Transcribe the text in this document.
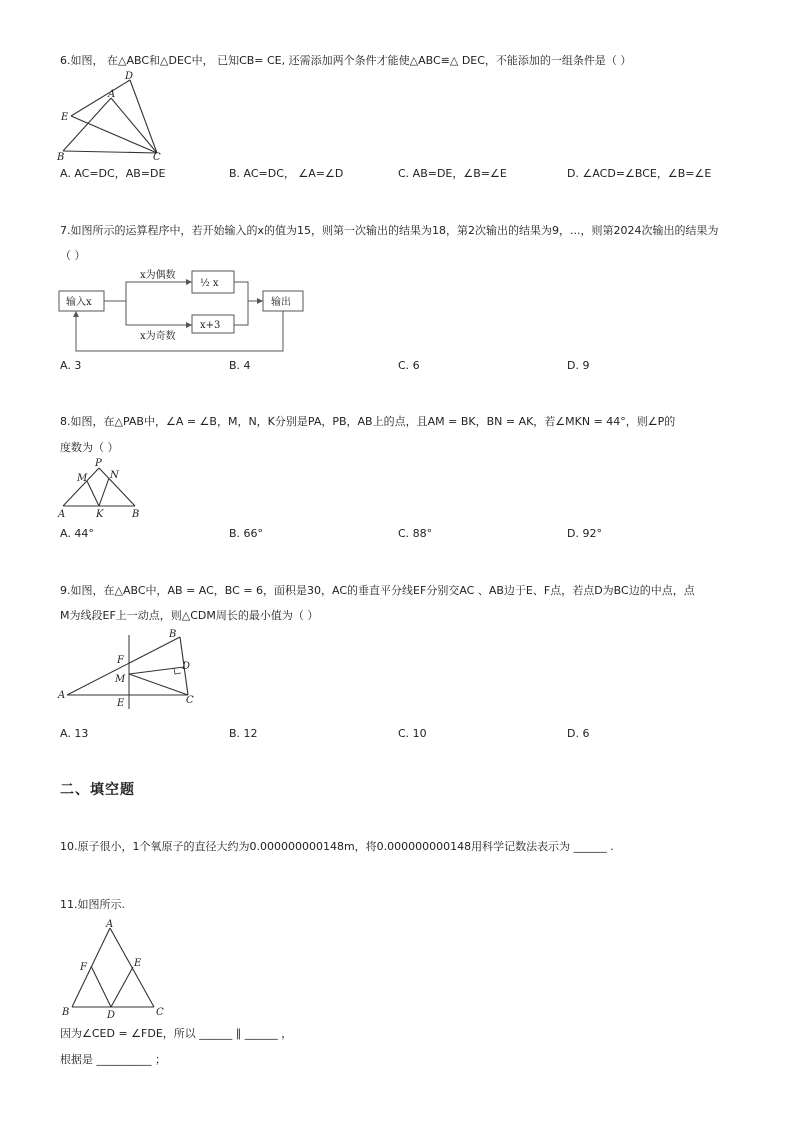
6.如图， 在△ABC和△DEC中， 已知CB= CE, 还需添加两个条件才能使△ABC≌△ DEC，不能添加的一组条件是（ ）
D
A
E
B	C
A. AC=DC，AB=DE	B. AC=DC， ∠A=∠D	C. AB=DE，∠B=∠E	D. ∠ACD=∠BCE，∠B=∠E
7.如图所示的运算程序中，若开始输入的x的值为15，则第一次输出的结果为18，第2次输出的结果为9，...，则第2024次输出的结果为
（ ）
输入x
x为偶数
½ x
x为奇数
x+3
输出
A. 3	B. 4	C. 6	D. 9
8.如图，在△PAB中，∠A = ∠B，M，N，K分别是PA，PB，AB上的点，且AM = BK，BN = AK，若∠MKN = 44°，则∠P的
度数为（ ）
P
N
M
A	K	B
A. 44°	B. 66°	C. 88°	D. 92°
9.如图，在△ABC中，AB = AC，BC = 6，面积是30，AC的垂直平分线EF分别交AC 、AB边于E、F点，若点D为BC边的中点，点
M为线段EF上一动点，则△CDM周长的最小值为（ ）
B
F
D
M
A	C
E
A. 13	B. 12	C. 10	D. 6
二、填空题
10.原子很小，1个氧原子的直径大约为0.000000000148m，将0.000000000148用科学记数法表示为 ______ .
11.如图所示.
A
F	E
B	D	C
因为∠CED = ∠FDE，所以 ______ ∥ ______ ，
根据是 __________ ；
